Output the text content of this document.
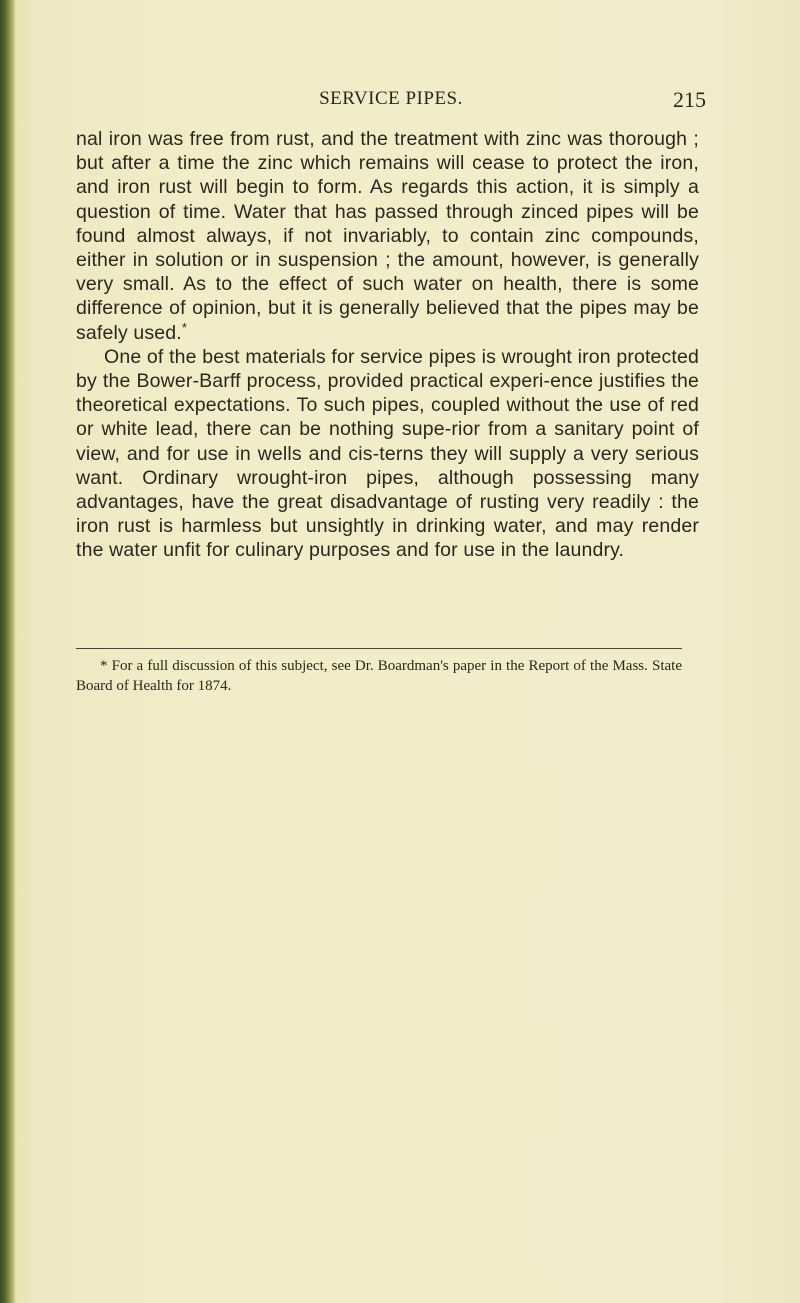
SERVICE PIPES.	215

nal iron was free from rust, and the treatment with zinc was thorough ; but after a time the zinc which remains will cease to protect the iron, and iron rust will begin to form. As regards this action, it is simply a question of time. Water that has passed through zinced pipes will be found almost always, if not invariably, to contain zinc compounds, either in solution or in suspension ; the amount, however, is generally very small. As to the effect of such water on health, there is some difference of opinion, but it is generally believed that the pipes may be safely used.*

One of the best materials for service pipes is wrought iron protected by the Bower-Barff process, provided practical experi-ence justifies the theoretical expectations. To such pipes, coupled without the use of red or white lead, there can be nothing supe-rior from a sanitary point of view, and for use in wells and cis-terns they will supply a very serious want. Ordinary wrought-iron pipes, although possessing many advantages, have the great disadvantage of rusting very readily : the iron rust is harmless but unsightly in drinking water, and may render the water unfit for culinary purposes and for use in the laundry.

* For a full discussion of this subject, see Dr. Boardman's paper in the Report of the Mass. State Board of Health for 1874.
